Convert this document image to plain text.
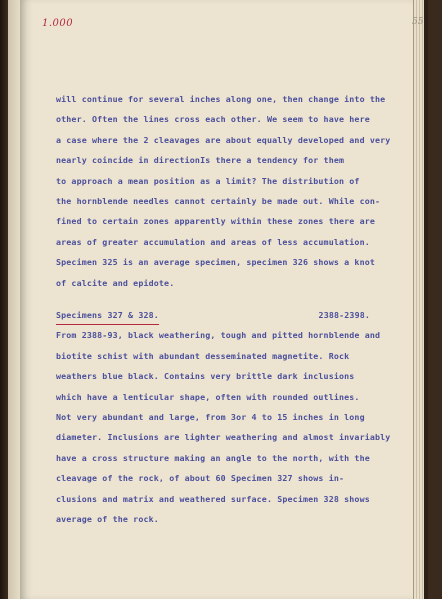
1.000	55
will continue for several inches along one, then change into the
other. Often the lines cross each other. We seem to have here
a case where the 2 cleavages are about equally developed and very
nearly coincide in directionIs there a tendency for them
to approach a mean position as a limit? The distribution of
the hornblende needles cannot certainly be made out. While con-
fined to certain zones apparently within these zones there are
areas of greater accumulation and areas of less accumulation.
Specimen 325 is an average specimen, specimen 326 shows a knot
of calcite and epidote.
Specimens 327 & 328.	2388-2398.
From 2388-93, black weathering, tough and pitted hornblende and
biotite schist with abundant desseminated magnetite. Rock
weathers blue black. Contains very brittle dark inclusions
which have a lenticular shape, often with rounded outlines.
Not very abundant and large, from 3or 4 to 15 inches in long
diameter. Inclusions are lighter weathering and almost invariably
have a cross structure making an angle to the north, with the
cleavage of the rock, of about 60 Specimen 327 shows in-
clusions and matrix and weathered surface. Specimen 328 shows
average of the rock.
